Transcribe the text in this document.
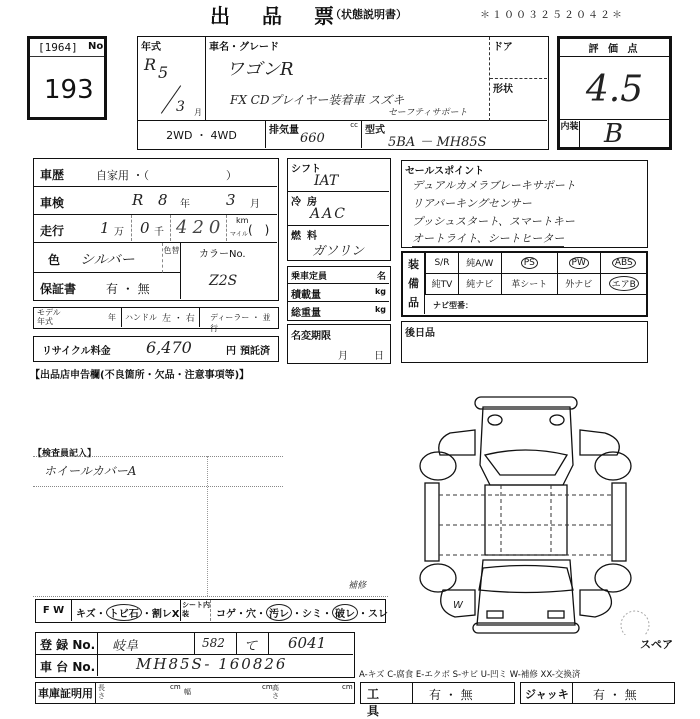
出　品　票
（状態説明書）	＊１００３２５２０４２＊
[1964] No
193
年式
R 5
3 月
車名・グレード
ワゴンR
FX CDプレイヤー装着車 スズキ
セーフティサポート
ドア
形状
2WD ・ 4WD	排気量	cc
660
型式
5BA － MH85S
評 価 点
4.5
内装 B
車歴	自家用 ・（　　　　　　　）
車検	R 8 年 3 月
走行 1 万 0 千 420 km
マイル (　)
色 シルバー
色替 カラーNo.
Z2S
保証書 有 ・ 無
モデル年式	年 ハンドル 左 ・ 右 ディーラー ・ 並行
リサイクル料金 6,470	円 預託済
【出品店申告欄(不良箇所・欠品・注意事項等)】
シフト
IAT
冷房
AAC
燃料
ガソリン
乗車定員	名
積載量	kg
総重量	kg
名変期限
月	日
セールスポイント
デュアルカメラブレーキサポート
リアパーキングセンサー
プッシュスタート、スマートキー
オートライト、シートヒーター
装備品
S/R	純A/W	PS	PW	ABS
純TV	純ナビ	革シート	外ナビ	エアB
ナビ型番：
後日品
【検査員記入】
ホイールカバーA
補修
F W	キズ・ トビ石 ・割レX
シート内装	コゲ・穴・ 汚レ ・シミ・ 破レ ・スレ
登 録 No. 岐阜	582 て 6041
車 台 No.	MH85S- 160826
車庫証明用 長さ
cm
幅
cm 高さ
cm
W
スペア
A-キズ C-腐食 E-エクボ S-サビ U-凹ミ W-補修 XX-交換済
工　具
有 ・ 無	ジャッキ	有 ・ 無
